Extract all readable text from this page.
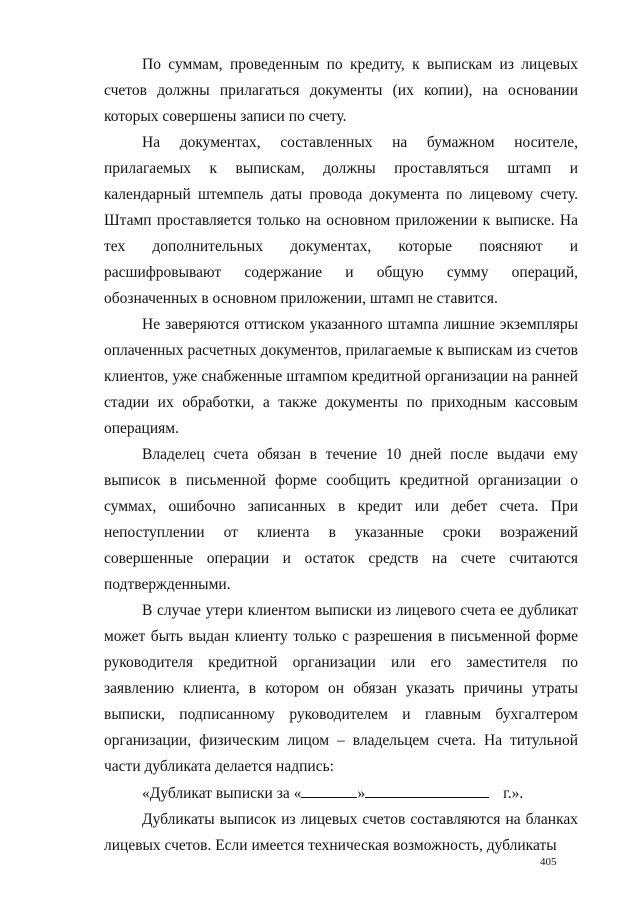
По суммам, проведенным по кредиту, к выпискам из лицевых счетов должны прилагаться документы (их копии), на основании которых совершены записи по счету.

На документах, составленных на бумажном носителе, прилагаемых к выпискам, должны проставляться штамп и календарный штемпель даты провода документа по лицевому счету. Штамп проставляется только на основном приложении к выписке. На тех дополнительных документах, которые поясняют и расшифровывают содержание и общую сумму операций, обозначенных в основном приложении, штамп не ставится.

Не заверяются оттиском указанного штампа лишние экземпляры оплаченных расчетных документов, прилагаемые к выпискам из счетов клиентов, уже снабженные штампом кредитной организации на ранней стадии их обработки, а также документы по приходным кассовым операциям.

Владелец счета обязан в течение 10 дней после выдачи ему выписок в письменной форме сообщить кредитной организации о суммах, ошибочно записанных в кредит или дебет счета. При непоступлении от клиента в указанные сроки возражений совершенные операции и остаток средств на счете считаются подтвержденными.

В случае утери клиентом выписки из лицевого счета ее дубликат может быть выдан клиенту только с разрешения в письменной форме руководителя кредитной организации или его заместителя по заявлению клиента, в котором он обязан указать причины утраты выписки, подписанному руководителем и главным бухгалтером организации, физическим лицом – владельцем счета. На титульной части дубликата делается надпись:

«Дубликат выписки за «	»	г.».

Дубликаты выписок из лицевых счетов составляются на бланках лицевых счетов. Если имеется техническая возможность, дубликаты

405
